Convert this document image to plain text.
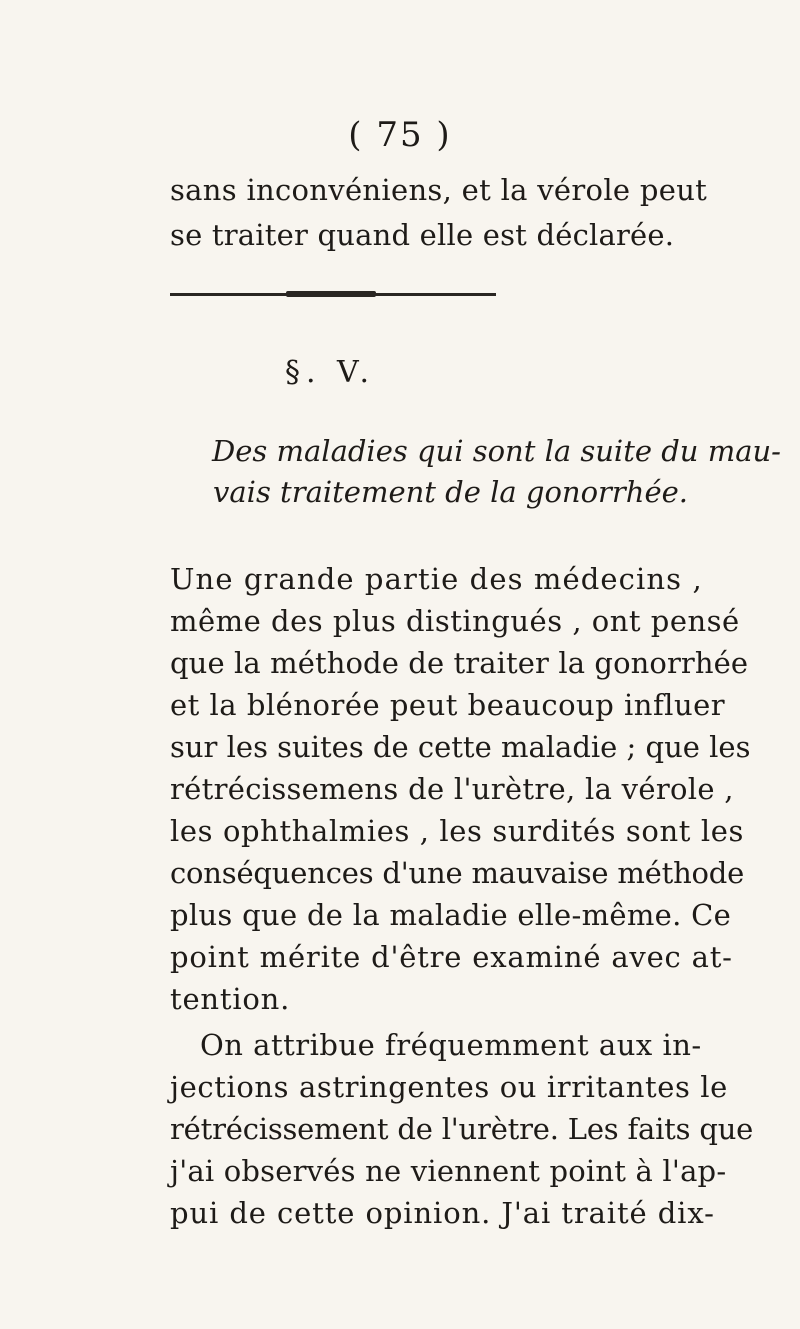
( 75 )
sans inconvéniens, et la vérole peut
se traiter quand elle est déclarée.
§. V.
Des maladies qui sont la suite du mau-
vais traitement de la gonorrhée.
Une grande partie des médecins ,
même des plus distingués , ont pensé
que la méthode de traiter la gonorrhée
et la blénorée peut beaucoup influer
sur les suites de cette maladie ; que les
rétrécissemens de l'urètre, la vérole ,
les ophthalmies , les surdités sont les
conséquences d'une mauvaise méthode
plus que de la maladie elle-même. Ce
point mérite d'être examiné avec at-
tention.
On attribue fréquemment aux in-
jections astringentes ou irritantes le
rétrécissement de l'urètre. Les faits que
j'ai observés ne viennent point à l'ap-
pui de cette opinion. J'ai traité dix-
